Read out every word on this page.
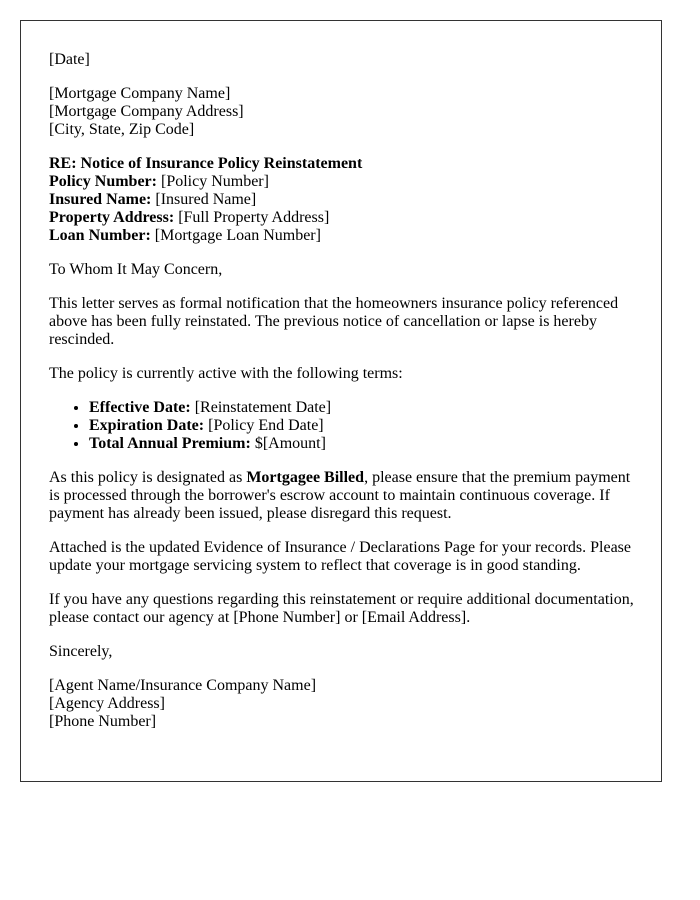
[Date]

[Mortgage Company Name]
[Mortgage Company Address]
[City, State, Zip Code]

RE: Notice of Insurance Policy Reinstatement
Policy Number: [Policy Number]
Insured Name: [Insured Name]
Property Address: [Full Property Address]
Loan Number: [Mortgage Loan Number]

To Whom It May Concern,

This letter serves as formal notification that the homeowners insurance policy referenced above has been fully reinstated. The previous notice of cancellation or lapse is hereby rescinded.

The policy is currently active with the following terms:

• Effective Date: [Reinstatement Date]
• Expiration Date: [Policy End Date]
• Total Annual Premium: $[Amount]

As this policy is designated as Mortgagee Billed, please ensure that the premium payment is processed through the borrower's escrow account to maintain continuous coverage. If payment has already been issued, please disregard this request.

Attached is the updated Evidence of Insurance / Declarations Page for your records. Please update your mortgage servicing system to reflect that coverage is in good standing.

If you have any questions regarding this reinstatement or require additional documentation, please contact our agency at [Phone Number] or [Email Address].

Sincerely,

[Agent Name/Insurance Company Name]
[Agency Address]
[Phone Number]
